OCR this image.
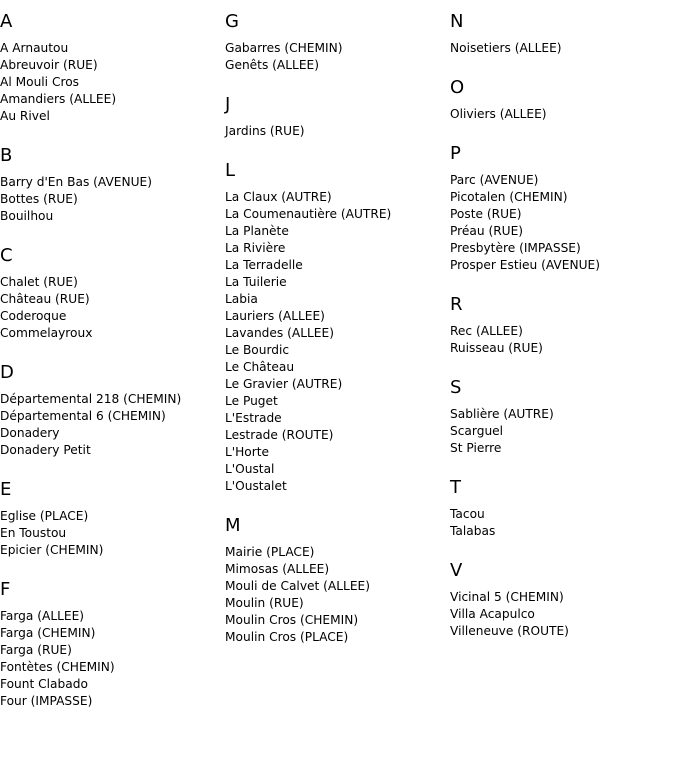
A
A Arnautou
Abreuvoir (RUE)
Al Mouli Cros
Amandiers (ALLEE)
Au Rivel
B
Barry d'En Bas (AVENUE)
Bottes (RUE)
Bouilhou
C
Chalet (RUE)
Château (RUE)
Coderoque
Commelayroux
D
Départemental 218 (CHEMIN)
Départemental 6 (CHEMIN)
Donadery
Donadery Petit
E
Eglise (PLACE)
En Toustou
Epicier (CHEMIN)
F
Farga (ALLEE)
Farga (CHEMIN)
Farga (RUE)
Fontètes (CHEMIN)
Fount Clabado
Four (IMPASSE)
G
Gabarres (CHEMIN)
Genêts (ALLEE)
J
Jardins (RUE)
L
La Claux (AUTRE)
La Coumenautière (AUTRE)
La Planète
La Rivière
La Terradelle
La Tuilerie
Labia
Lauriers (ALLEE)
Lavandes (ALLEE)
Le Bourdic
Le Château
Le Gravier (AUTRE)
Le Puget
L'Estrade
Lestrade (ROUTE)
L'Horte
L'Oustal
L'Oustalet
M
Mairie (PLACE)
Mimosas (ALLEE)
Mouli de Calvet (ALLEE)
Moulin (RUE)
Moulin Cros (CHEMIN)
Moulin Cros (PLACE)
N
Noisetiers (ALLEE)
O
Oliviers (ALLEE)
P
Parc (AVENUE)
Picotalen (CHEMIN)
Poste (RUE)
Préau (RUE)
Presbytère (IMPASSE)
Prosper Estieu (AVENUE)
R
Rec (ALLEE)
Ruisseau (RUE)
S
Sablière (AUTRE)
Scarguel
St Pierre
T
Tacou
Talabas
V
Vicinal 5 (CHEMIN)
Villa Acapulco
Villeneuve (ROUTE)
